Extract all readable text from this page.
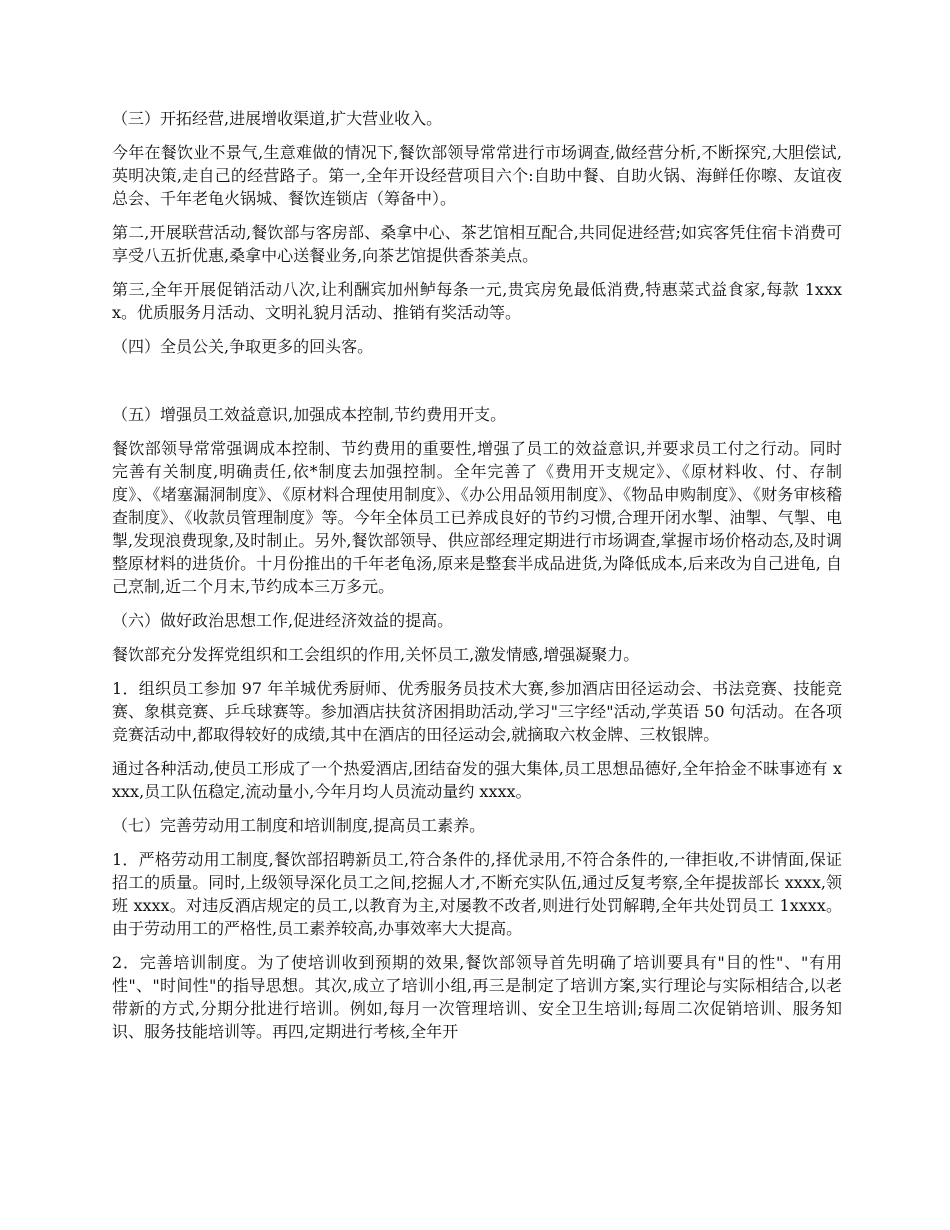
（三）开拓经营,进展增收渠道,扩大营业收入。

今年在餐饮业不景气,生意难做的情况下,餐饮部领导常常进行市场调查,做经营分析,不断探究,大胆偿试,英明决策,走自己的经营路子。第一,全年开设经营项目六个:自助中餐、自助火锅、海鲜任你嚓、友谊夜总会、千年老龟火锅城、餐饮连锁店（筹备中）。

第二,开展联营活动,餐饮部与客房部、桑拿中心、茶艺馆相互配合,共同促进经营;如宾客凭住宿卡消费可享受八五折优惠,桑拿中心送餐业务,向茶艺馆提供香茶美点。

第三,全年开展促销活动八次,让利酬宾加州鲈每条一元,贵宾房免最低消费,特惠菜式益食家,每款 1xxxx。优质服务月活动、文明礼貌月活动、推销有奖活动等。

（四）全员公关,争取更多的回头客。

（五）增强员工效益意识,加强成本控制,节约费用开支。

餐饮部领导常常强调成本控制、节约费用的重要性,增强了员工的效益意识,并要求员工付之行动。同时完善有关制度,明确责任,依*制度去加强控制。全年完善了《费用开支规定》、《原材料收、付、存制度》、《堵塞漏洞制度》、《原材料合理使用制度》、《办公用品领用制度》、《物品申购制度》、《财务审核稽查制度》、《收款员管理制度》等。今年全体员工已养成良好的节约习惯,合理开闭水掣、油掣、气掣、电掣,发现浪费现象,及时制止。另外,餐饮部领导、供应部经理定期进行市场调查,掌握市场价格动态,及时调整原材料的进货价。十月份推出的千年老龟汤,原来是整套半成品进货,为降低成本,后来改为自己进龟, 自己烹制,近二个月末,节约成本三万多元。

（六）做好政治思想工作,促进经济效益的提高。

餐饮部充分发挥党组织和工会组织的作用,关怀员工,激发情感,增强凝聚力。

1．组织员工参加 97 年羊城优秀厨师、优秀服务员技术大赛,参加酒店田径运动会、书法竞赛、技能竞赛、象棋竞赛、乒乓球赛等。参加酒店扶贫济困捐助活动,学习"三字经"活动,学英语 50 句活动。在各项竞赛活动中,都取得较好的成绩,其中在酒店的田径运动会,就摘取六枚金牌、三枚银牌。

通过各种活动,使员工形成了一个热爱酒店,团结奋发的强大集体,员工思想品德好,全年拾金不昧事迹有 xxxx,员工队伍稳定,流动量小,今年月均人员流动量约 xxxx。

（七）完善劳动用工制度和培训制度,提高员工素养。

1．严格劳动用工制度,餐饮部招聘新员工,符合条件的,择优录用,不符合条件的,一律拒收,不讲情面,保证招工的质量。同时,上级领导深化员工之间,挖掘人才,不断充实队伍,通过反复考察,全年提拔部长 xxxx,领班 xxxx。对违反酒店规定的员工,以教育为主,对屡教不改者,则进行处罚解聘,全年共处罚员工 1xxxx。由于劳动用工的严格性,员工素养较高,办事效率大大提高。

2．完善培训制度。为了使培训收到预期的效果,餐饮部领导首先明确了培训要具有"目的性"、"有用性"、"时间性"的指导思想。其次,成立了培训小组,再三是制定了培训方案,实行理论与实际相结合,以老带新的方式,分期分批进行培训。例如,每月一次管理培训、安全卫生培训;每周二次促销培训、服务知识、服务技能培训等。再四,定期进行考核,全年开
